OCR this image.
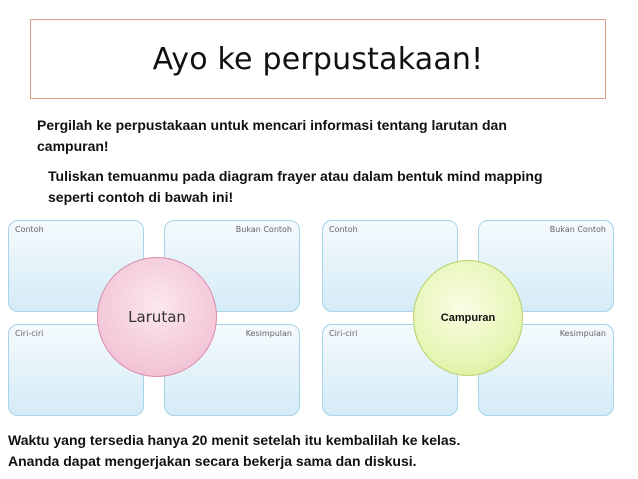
Ayo ke perpustakaan!
Pergilah ke perpustakaan untuk mencari informasi tentang larutan dan
campuran!
Tuliskan temuanmu pada diagram frayer atau dalam bentuk mind mapping
seperti contoh di bawah ini!
Contoh	Bukan Contoh
Ciri-ciri	Kesimpulan
Larutan
Contoh	Bukan Contoh
Ciri-ciri	Kesimpulan
Campuran
Waktu yang tersedia hanya 20 menit setelah itu kembalilah ke kelas.
Ananda dapat mengerjakan secara bekerja sama dan diskusi.
